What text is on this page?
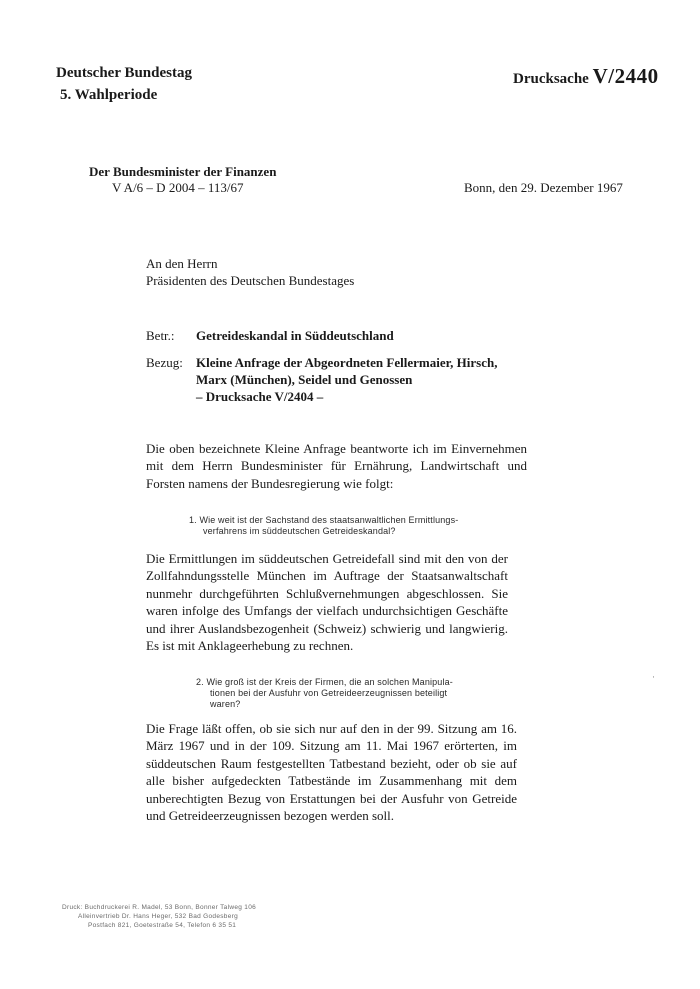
Deutscher Bundestag
5. Wahlperiode
Drucksache V/2440
Der Bundesminister der Finanzen
V A/6 – D 2004 – 113/67	Bonn, den 29. Dezember 1967
An den Herrn
Präsidenten des Deutschen Bundestages
Betr.: Getreideskandal in Süddeutschland
Bezug:	Kleine Anfrage der Abgeordneten Fellermaier, Hirsch,
Marx (München), Seidel und Genossen
– Drucksache V/2404 –
Die oben bezeichnete Kleine Anfrage beantworte ich im Einvernehmen mit dem Herrn Bundesminister für Ernährung, Landwirtschaft und Forsten namens der Bundesregierung wie folgt:
1. Wie weit ist der Sachstand des staatsanwaltlichen Ermittlungs-
verfahrens im süddeutschen Getreideskandal?
Die Ermittlungen im süddeutschen Getreidefall sind mit den von der Zollfahndungsstelle München im Auftrage der Staatsanwaltschaft nunmehr durchgeführten Schlußvernehmungen abgeschlossen. Sie waren infolge des Umfangs der vielfach undurchsichtigen Geschäfte und ihrer Auslandsbezogenheit (Schweiz) schwierig und langwierig. Es ist mit Anklageerhebung zu rechnen.
2. Wie groß ist der Kreis der Firmen, die an solchen Manipula-
tionen bei der Ausfuhr von Getreideerzeugnissen beteiligt
waren?
·
Die Frage läßt offen, ob sie sich nur auf den in der 99. Sitzung am 16. März 1967 und in der 109. Sitzung am 11. Mai 1967 erörterten, im süddeutschen Raum festgestellten Tatbestand bezieht, oder ob sie auf alle bisher aufgedeckten Tatbestände im Zusammenhang mit dem unberechtigten Bezug von Erstattungen bei der Ausfuhr von Getreide und Getreideerzeugnissen bezogen werden soll.
Druck: Buchdruckerei R. Madel, 53 Bonn, Bonner Talweg 106
Alleinvertrieb Dr. Hans Heger, 532 Bad Godesberg
Postfach 821, Goetestraße 54, Telefon 6 35 51
